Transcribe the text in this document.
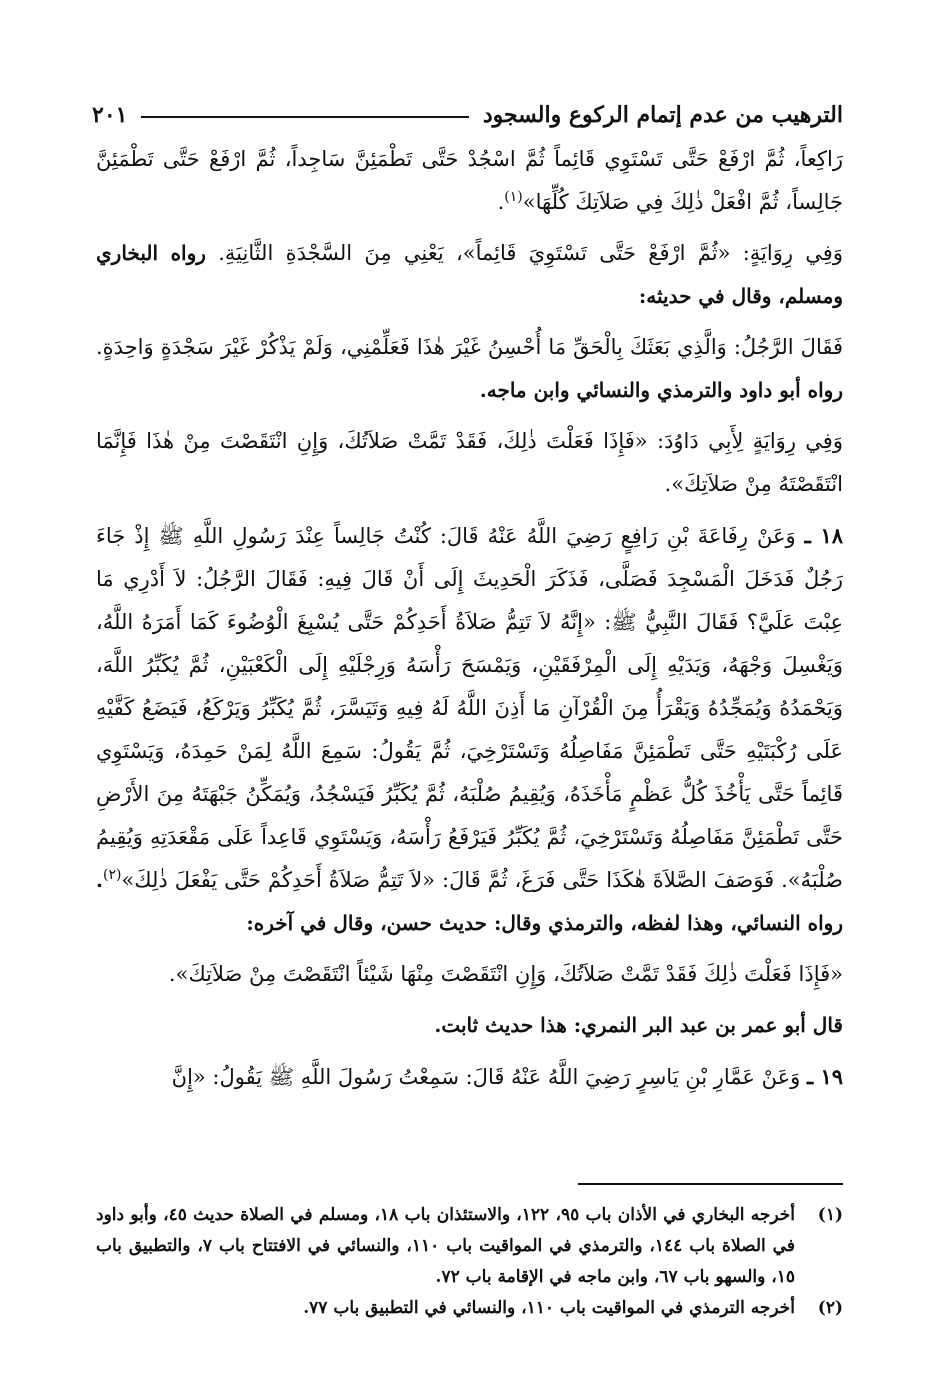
الترهيب من عدم إتمام الركوع والسجود
٢٠١

رَاكِعاً، ثُمَّ ارْفَعْ حَتَّى تَسْتَوِي قَائِماً ثُمَّ اسْجُدْ حَتَّى تَطْمَئِنَّ سَاجِداً، ثُمَّ ارْفَعْ حَتَّى تَطْمَئِنَّ جَالِساً، ثُمَّ افْعَلْ ذٰلِكَ فِي صَلاَتِكَ كُلِّهَا»$^{(١)}$.

وَفِي رِوَايَةٍ: «ثُمَّ ارْفَعْ حَتَّى تَسْتَوِيَ قَائِماً»، يَعْنِي مِنَ السَّجْدَةِ الثَّانِيَةِ. رواه البخاري ومسلم، وقال في حديثه:

فَقَالَ الرَّجُلُ: وَالَّذِي بَعَثَكَ بِالْحَقِّ مَا أُحْسِنُ غَيْرَ هٰذَا فَعَلِّمْنِي، وَلَمْ يَذْكُرْ غَيْرَ سَجْدَةٍ وَاحِدَةٍ. رواه أبو داود والترمذي والنسائي وابن ماجه.

وَفِي رِوَايَةٍ لِأَبِي دَاوُدَ: «فَإِذَا فَعَلْتَ ذٰلِكَ، فَقَدْ تَمَّتْ صَلاَتُكَ، وَإِنِ انْتَقَصْتَ مِنْ هٰذَا فَإِنَّمَا انْتَقَصْتَهُ مِنْ صَلاَتِكَ».

١٨ ـ وَعَنْ رِفَاعَةَ بْنِ رَافِعٍ رَضِيَ اللَّهُ عَنْهُ قَالَ: كُنْتُ جَالِساً عِنْدَ رَسُولِ اللَّهِ ﷺ إِذْ جَاءَ رَجُلٌ فَدَخَلَ الْمَسْجِدَ فَصَلَّى، فَذَكَرَ الْحَدِيثَ إِلَى أَنْ قَالَ فِيهِ: فَقَالَ الرَّجُلُ: لاَ أَدْرِي مَا عِبْتَ عَلَيَّ؟ فَقَالَ النَّبِيُّ ﷺ: «إِنَّهُ لاَ تَتِمُّ صَلاَةُ أَحَدِكُمْ حَتَّى يُسْبِغَ الْوُضُوءَ كَمَا أَمَرَهُ اللَّهُ، وَيَغْسِلَ وَجْهَهُ، وَيَدَيْهِ إِلَى الْمِرْفَقَيْنِ، وَيَمْسَحَ رَأْسَهُ وَرِجْلَيْهِ إِلَى الْكَعْبَيْنِ، ثُمَّ يُكَبِّرُ اللَّهَ، وَيَحْمَدُهُ وَيُمَجِّدُهُ وَيَقْرَأُ مِنَ الْقُرْآنِ مَا أَذِنَ اللَّهُ لَهُ فِيهِ وَتَيَسَّرَ، ثُمَّ يُكَبِّرُ وَيَرْكَعُ، فَيَضَعُ كَفَّيْهِ عَلَى رُكْبَتَيْهِ حَتَّى تَطْمَئِنَّ مَفَاصِلُهُ وَتَسْتَرْخِيَ، ثُمَّ يَقُولُ: سَمِعَ اللَّهُ لِمَنْ حَمِدَهُ، وَيَسْتَوِي قَائِماً حَتَّى يَأْخُذَ كُلُّ عَظْمٍ مَأْخَذَهُ، وَيُقِيمُ صُلْبَهُ، ثُمَّ يُكَبِّرُ فَيَسْجُدُ، وَيُمَكِّنُ جَبْهَتَهُ مِنَ الأَرْضِ حَتَّى تَطْمَئِنَّ مَفَاصِلُهُ وَتَسْتَرْخِيَ، ثُمَّ يُكَبِّرُ فَيَرْفَعُ رَأْسَهُ، وَيَسْتَوِي قَاعِداً عَلَى مَقْعَدَتِهِ وَيُقِيمُ صُلْبَهُ». فَوَصَفَ الصَّلاَةَ هٰكَذَا حَتَّى فَرَغَ، ثُمَّ قَالَ: «لاَ تَتِمُّ صَلاَةُ أَحَدِكُمْ حَتَّى يَفْعَلَ ذٰلِكَ»$^{(٢)}$. رواه النسائي، وهذا لفظه، والترمذي وقال: حديث حسن، وقال في آخره:

«فَإِذَا فَعَلْتَ ذٰلِكَ فَقَدْ تَمَّتْ صَلاَتُكَ، وَإِنِ انْتَقَصْتَ مِنْهَا شَيْئاً انْتَقَصْتَ مِنْ صَلاَتِكَ».

قال أبو عمر بن عبد البر النمري: هذا حديث ثابت.

١٩ ـ وَعَنْ عَمَّارِ بْنِ يَاسِرٍ رَضِيَ اللَّهُ عَنْهُ قَالَ: سَمِعْتُ رَسُولَ اللَّهِ ﷺ يَقُولُ: «إِنَّ

(١)
أخرجه البخاري في الأذان باب ٩٥، ١٢٢، والاستئذان باب ١٨، ومسلم في الصلاة حديث ٤٥، وأبو داود في الصلاة باب ١٤٤، والترمذي في المواقيت باب ١١٠، والنسائي في الافتتاح باب ٧، والتطبيق باب ١٥، والسهو باب ٦٧، وابن ماجه في الإقامة باب ٧٢.

(٢)
أخرجه الترمذي في المواقيت باب ١١٠، والنسائي في التطبيق باب ٧٧.
